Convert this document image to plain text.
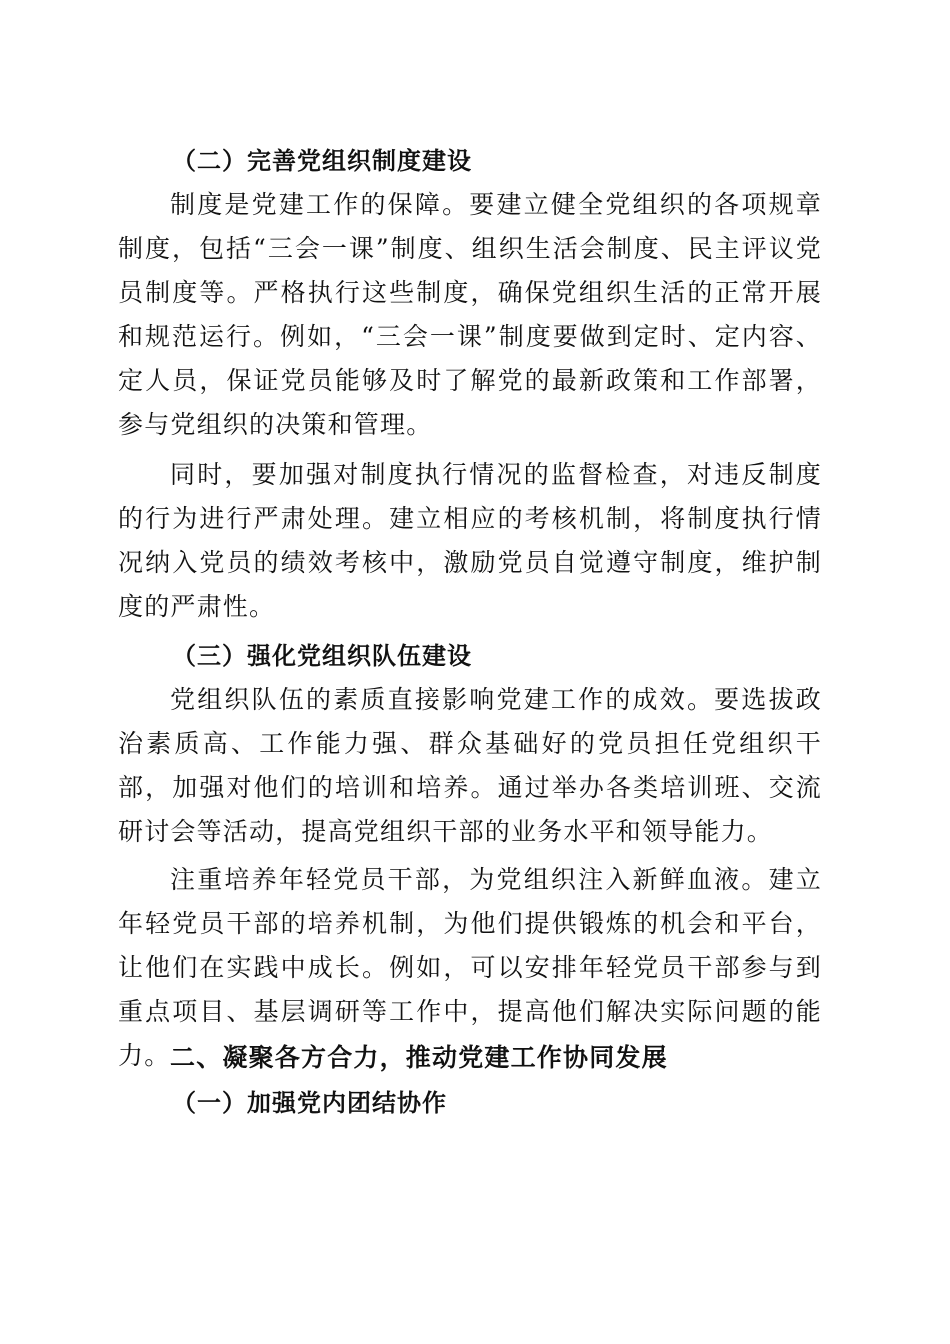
（二）完善党组织制度建设

制度是党建工作的保障。要建立健全党组织的各项规章制度，包括“三会一课”制度、组织生活会制度、民主评议党员制度等。严格执行这些制度，确保党组织生活的正常开展和规范运行。例如，“三会一课”制度要做到定时、定内容、定人员，保证党员能够及时了解党的最新政策和工作部署，参与党组织的决策和管理。

同时，要加强对制度执行情况的监督检查，对违反制度的行为进行严肃处理。建立相应的考核机制，将制度执行情况纳入党员的绩效考核中，激励党员自觉遵守制度，维护制度的严肃性。

（三）强化党组织队伍建设

党组织队伍的素质直接影响党建工作的成效。要选拔政治素质高、工作能力强、群众基础好的党员担任党组织干部，加强对他们的培训和培养。通过举办各类培训班、交流研讨会等活动，提高党组织干部的业务水平和领导能力。

注重培养年轻党员干部，为党组织注入新鲜血液。建立年轻党员干部的培养机制，为他们提供锻炼的机会和平台，让他们在实践中成长。例如，可以安排年轻党员干部参与到重点项目、基层调研等工作中，提高他们解决实际问题的能力。 二、凝聚各方合力，推动党建工作协同发展
（一）加强党内团结协作
